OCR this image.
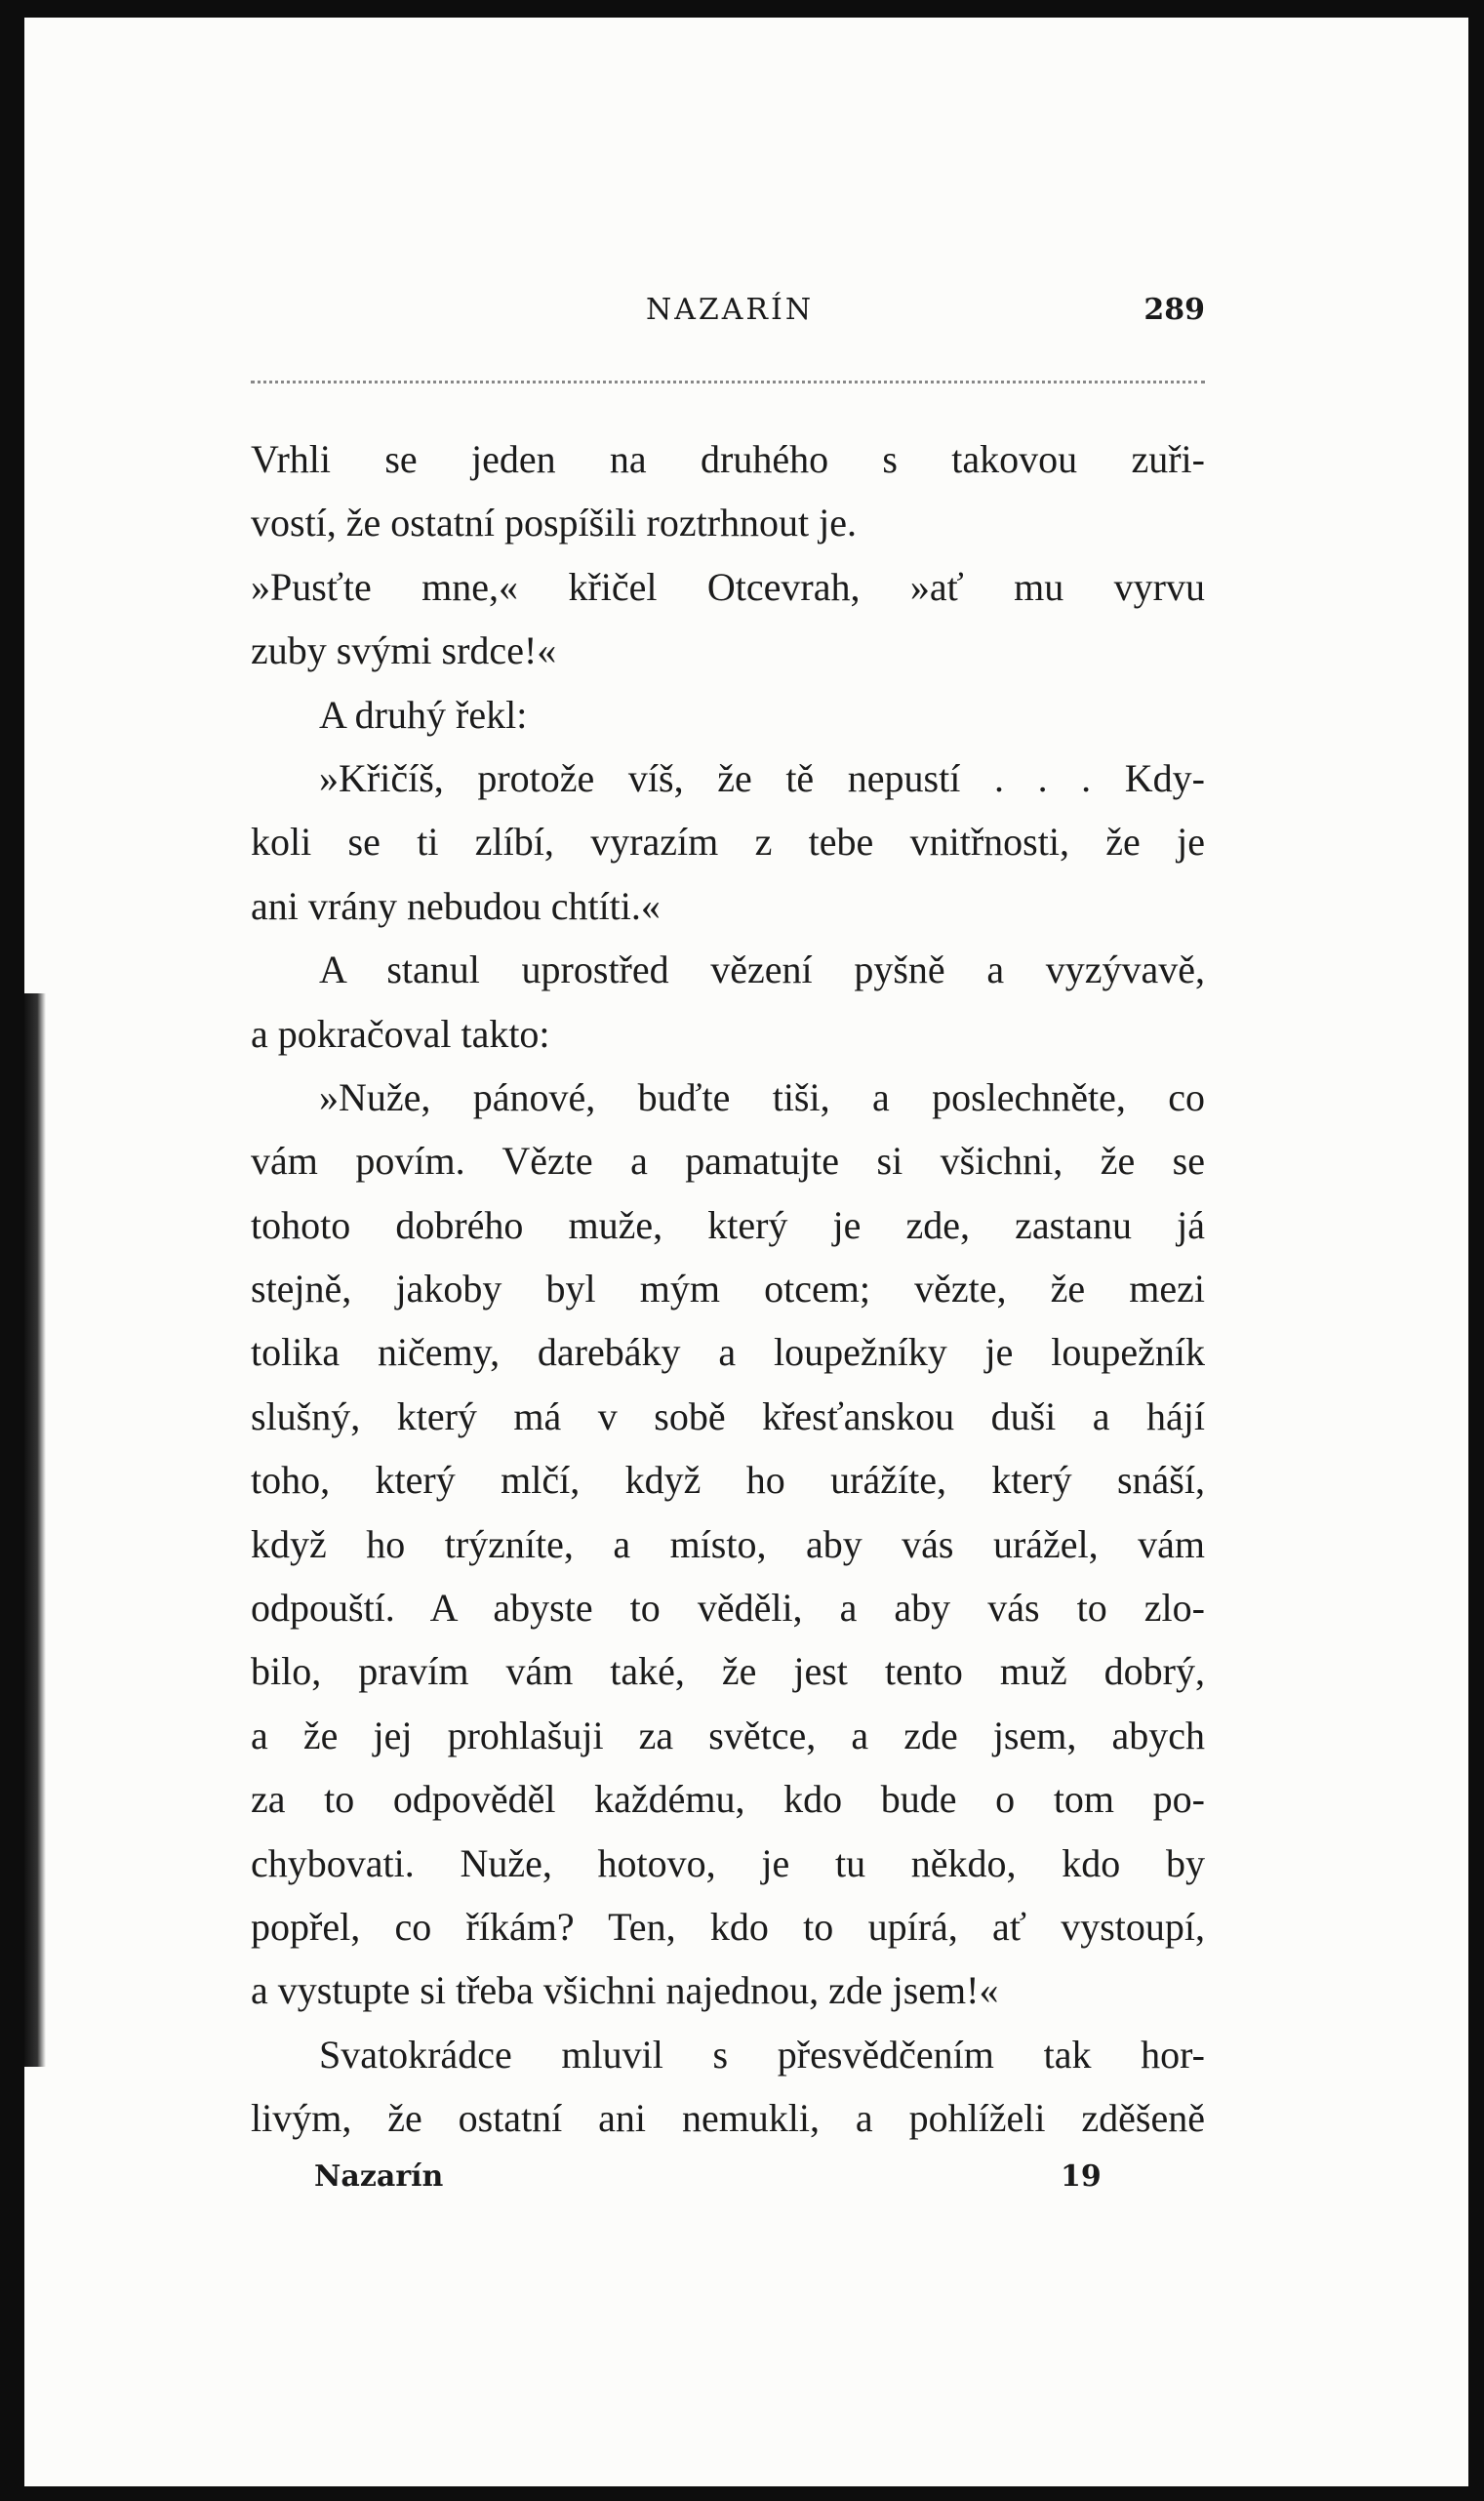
NAZARÍN	289
Vrhli se jeden na druhého s takovou zuři-
vostí, že ostatní pospíšili roztrhnout je.
»Pusťte mne,« křičel Otcevrah, »ať mu vyrvu
zuby svými srdce!«
A druhý řekl:
»Křičíš, protože víš, že tě nepustí . . . Kdy-
koli se ti zlíbí, vyrazím z tebe vnitřnosti, že je
ani vrány nebudou chtíti.«
A stanul uprostřed vězení pyšně a vyzývavě,
a pokračoval takto:
»Nuže, pánové, buďte tiši, a poslechněte, co
vám povím. Vězte a pamatujte si všichni, že se
tohoto dobrého muže, který je zde, zastanu já
stejně, jakoby byl mým otcem; vězte, že mezi
tolika ničemy, darebáky a loupežníky je loupežník
slušný, který má v sobě křesťanskou duši a hájí
toho, který mlčí, když ho urážíte, který snáší,
když ho trýzníte, a místo, aby vás urážel, vám
odpouští. A abyste to věděli, a aby vás to zlo-
bilo, pravím vám také, že jest tento muž dobrý,
a že jej prohlašuji za světce, a zde jsem, abych
za to odpověděl každému, kdo bude o tom po-
chybovati. Nuže, hotovo, je tu někdo, kdo by
popřel, co říkám? Ten, kdo to upírá, ať vystoupí,
a vystupte si třeba všichni najednou, zde jsem!«
Svatokrádce mluvil s přesvědčením tak hor-
livým, že ostatní ani nemukli, a pohlíželi zděšeně
Nazarín	19
